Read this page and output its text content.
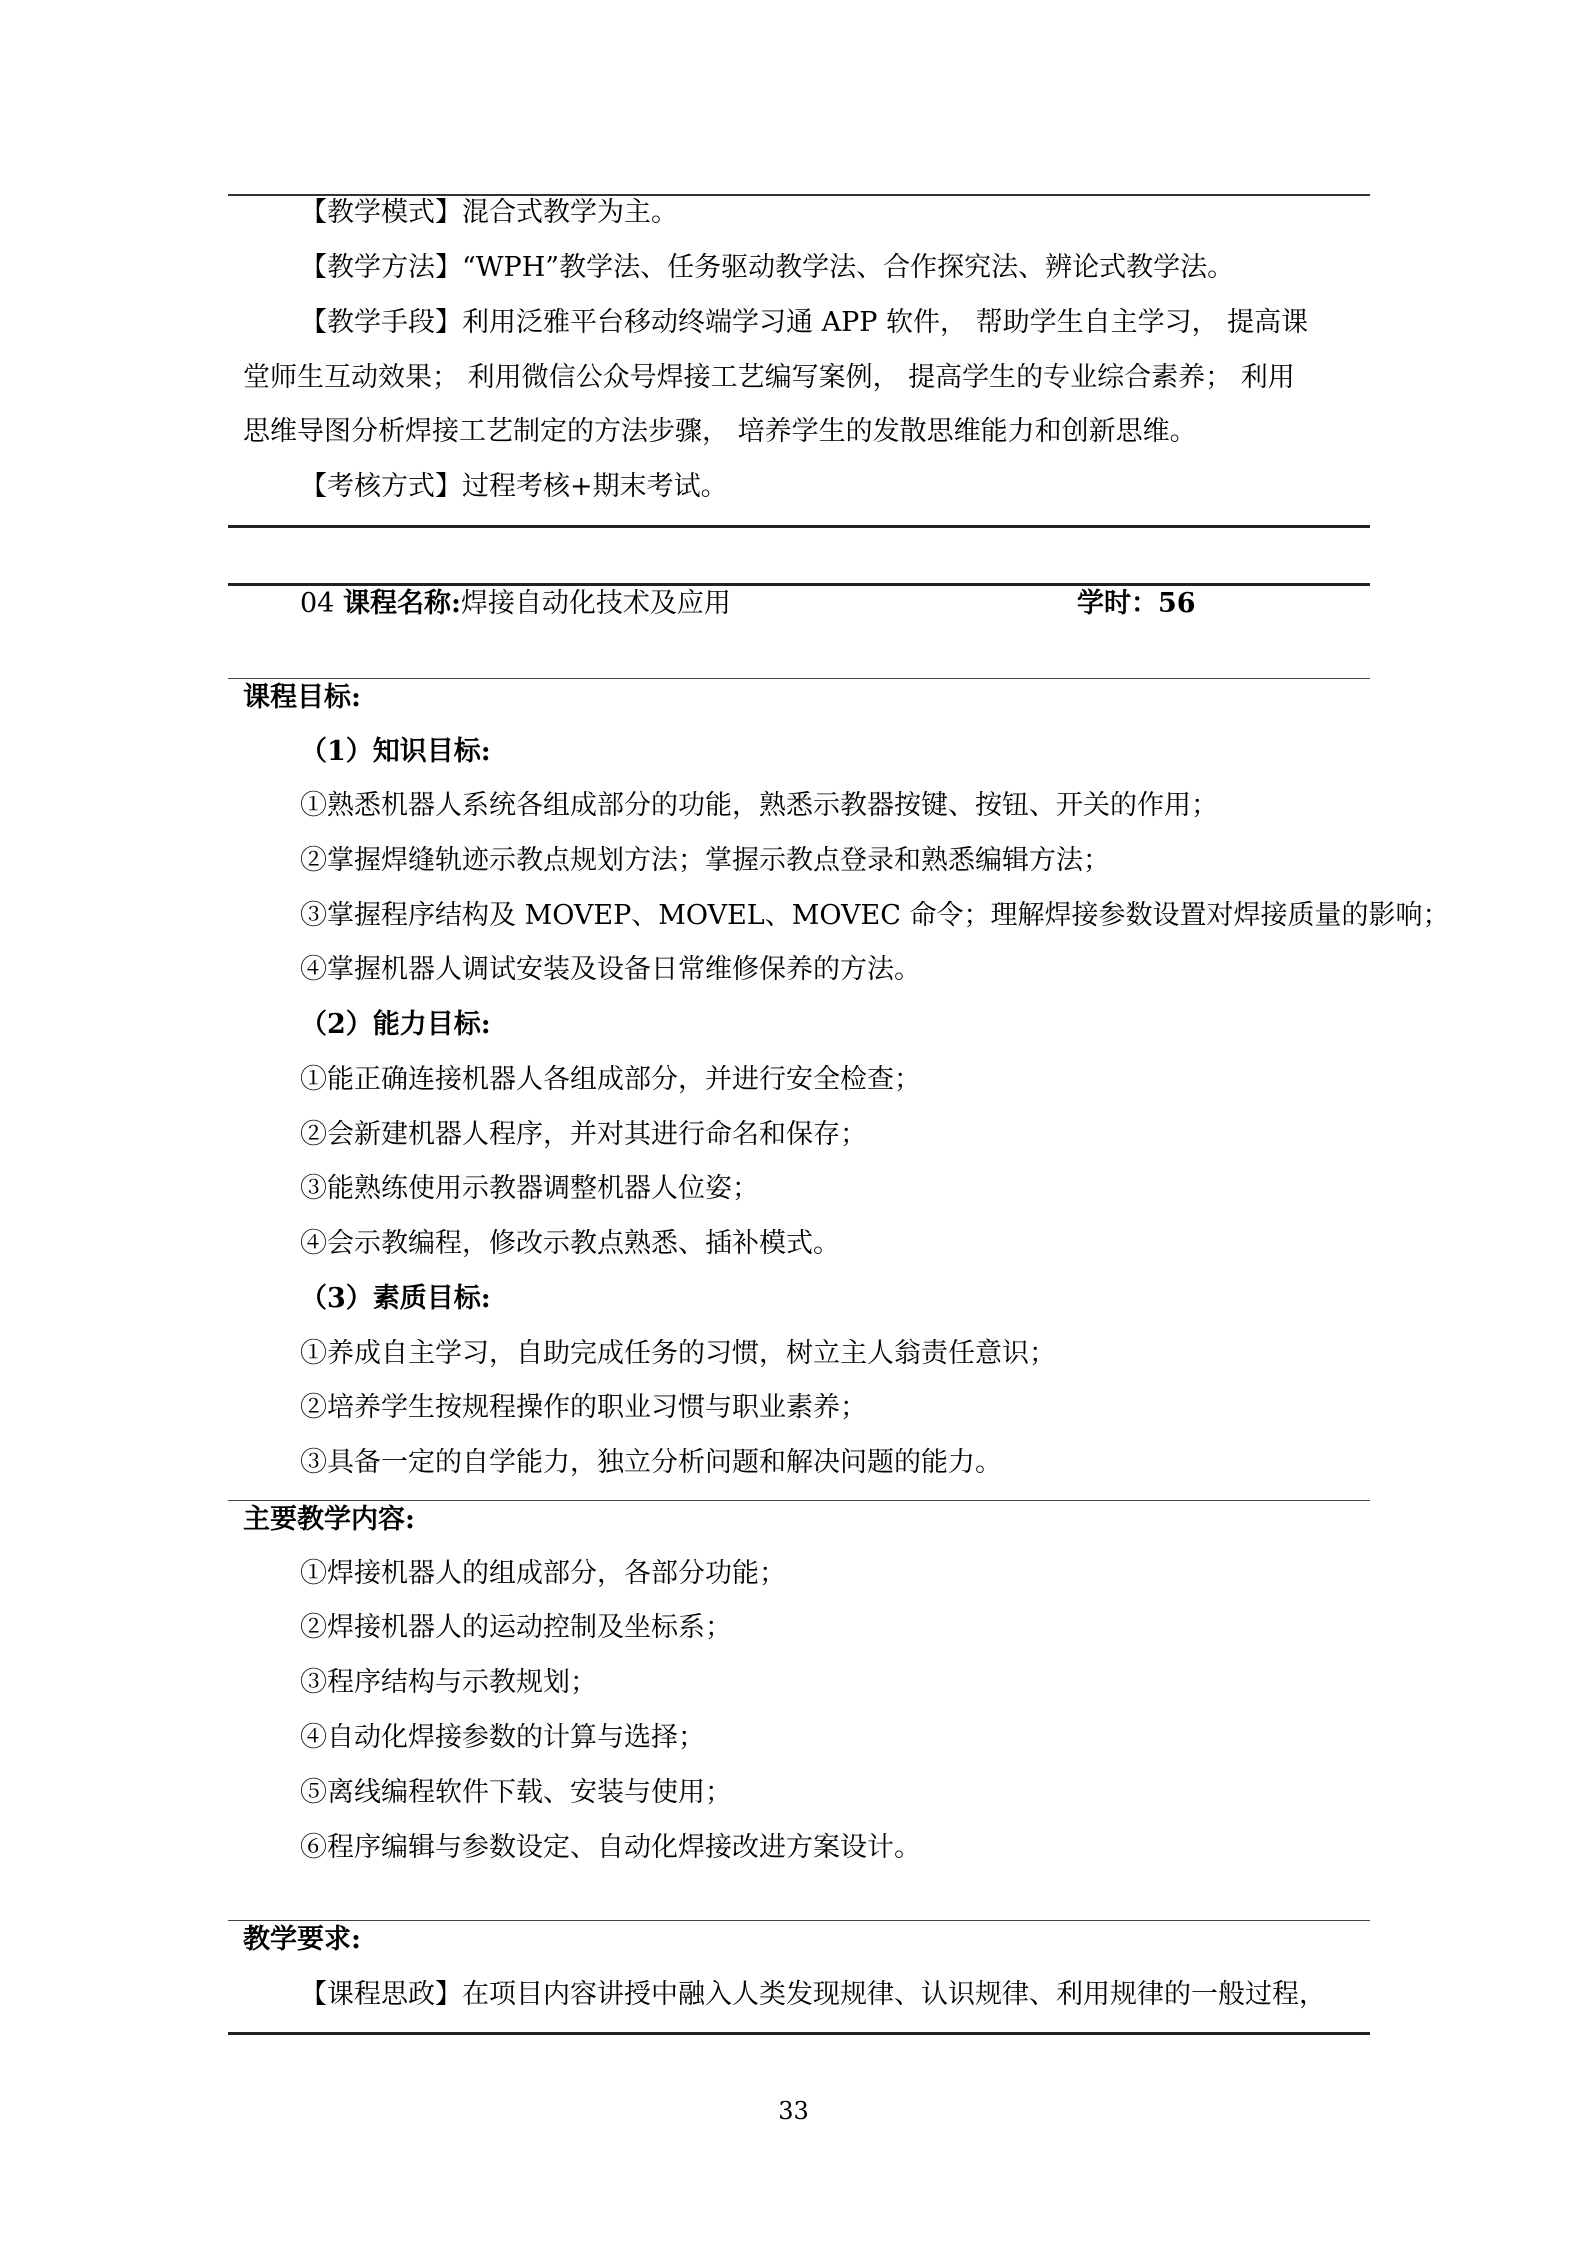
【教学模式】混合式教学为主。
【教学方法】“WPH”教学法、任务驱动教学法、合作探究法、辨论式教学法。
【教学手段】利用泛雅平台移动终端学习通 APP 软件， 帮助学生自主学习， 提高课
堂师生互动效果； 利用微信公众号焊接工艺编写案例， 提高学生的专业综合素养； 利用
思维导图分析焊接工艺制定的方法步骤， 培养学生的发散思维能力和创新思维。
【考核方式】过程考核+期末考试。
04 课程名称:焊接自动化技术及应用	学时：56
课程目标:
（1）知识目标:
①熟悉机器人系统各组成部分的功能，熟悉示教器按键、按钮、开关的作用；
②掌握焊缝轨迹示教点规划方法；掌握示教点登录和熟悉编辑方法；
③掌握程序结构及 MOVEP、MOVEL、MOVEC 命令；理解焊接参数设置对焊接质量的影响；
④掌握机器人调试安装及设备日常维修保养的方法。
（2）能力目标:
①能正确连接机器人各组成部分，并进行安全检查；
②会新建机器人程序，并对其进行命名和保存；
③能熟练使用示教器调整机器人位姿；
④会示教编程，修改示教点熟悉、插补模式。
（3）素质目标:
①养成自主学习，自助完成任务的习惯，树立主人翁责任意识；
②培养学生按规程操作的职业习惯与职业素养；
③具备一定的自学能力，独立分析问题和解决问题的能力。
主要教学内容:
①焊接机器人的组成部分，各部分功能；
②焊接机器人的运动控制及坐标系；
③程序结构与示教规划；
④自动化焊接参数的计算与选择；
⑤离线编程软件下载、安装与使用；
⑥程序编辑与参数设定、自动化焊接改进方案设计。
教学要求:
【课程思政】在项目内容讲授中融入人类发现规律、认识规律、利用规律的一般过程，
33
